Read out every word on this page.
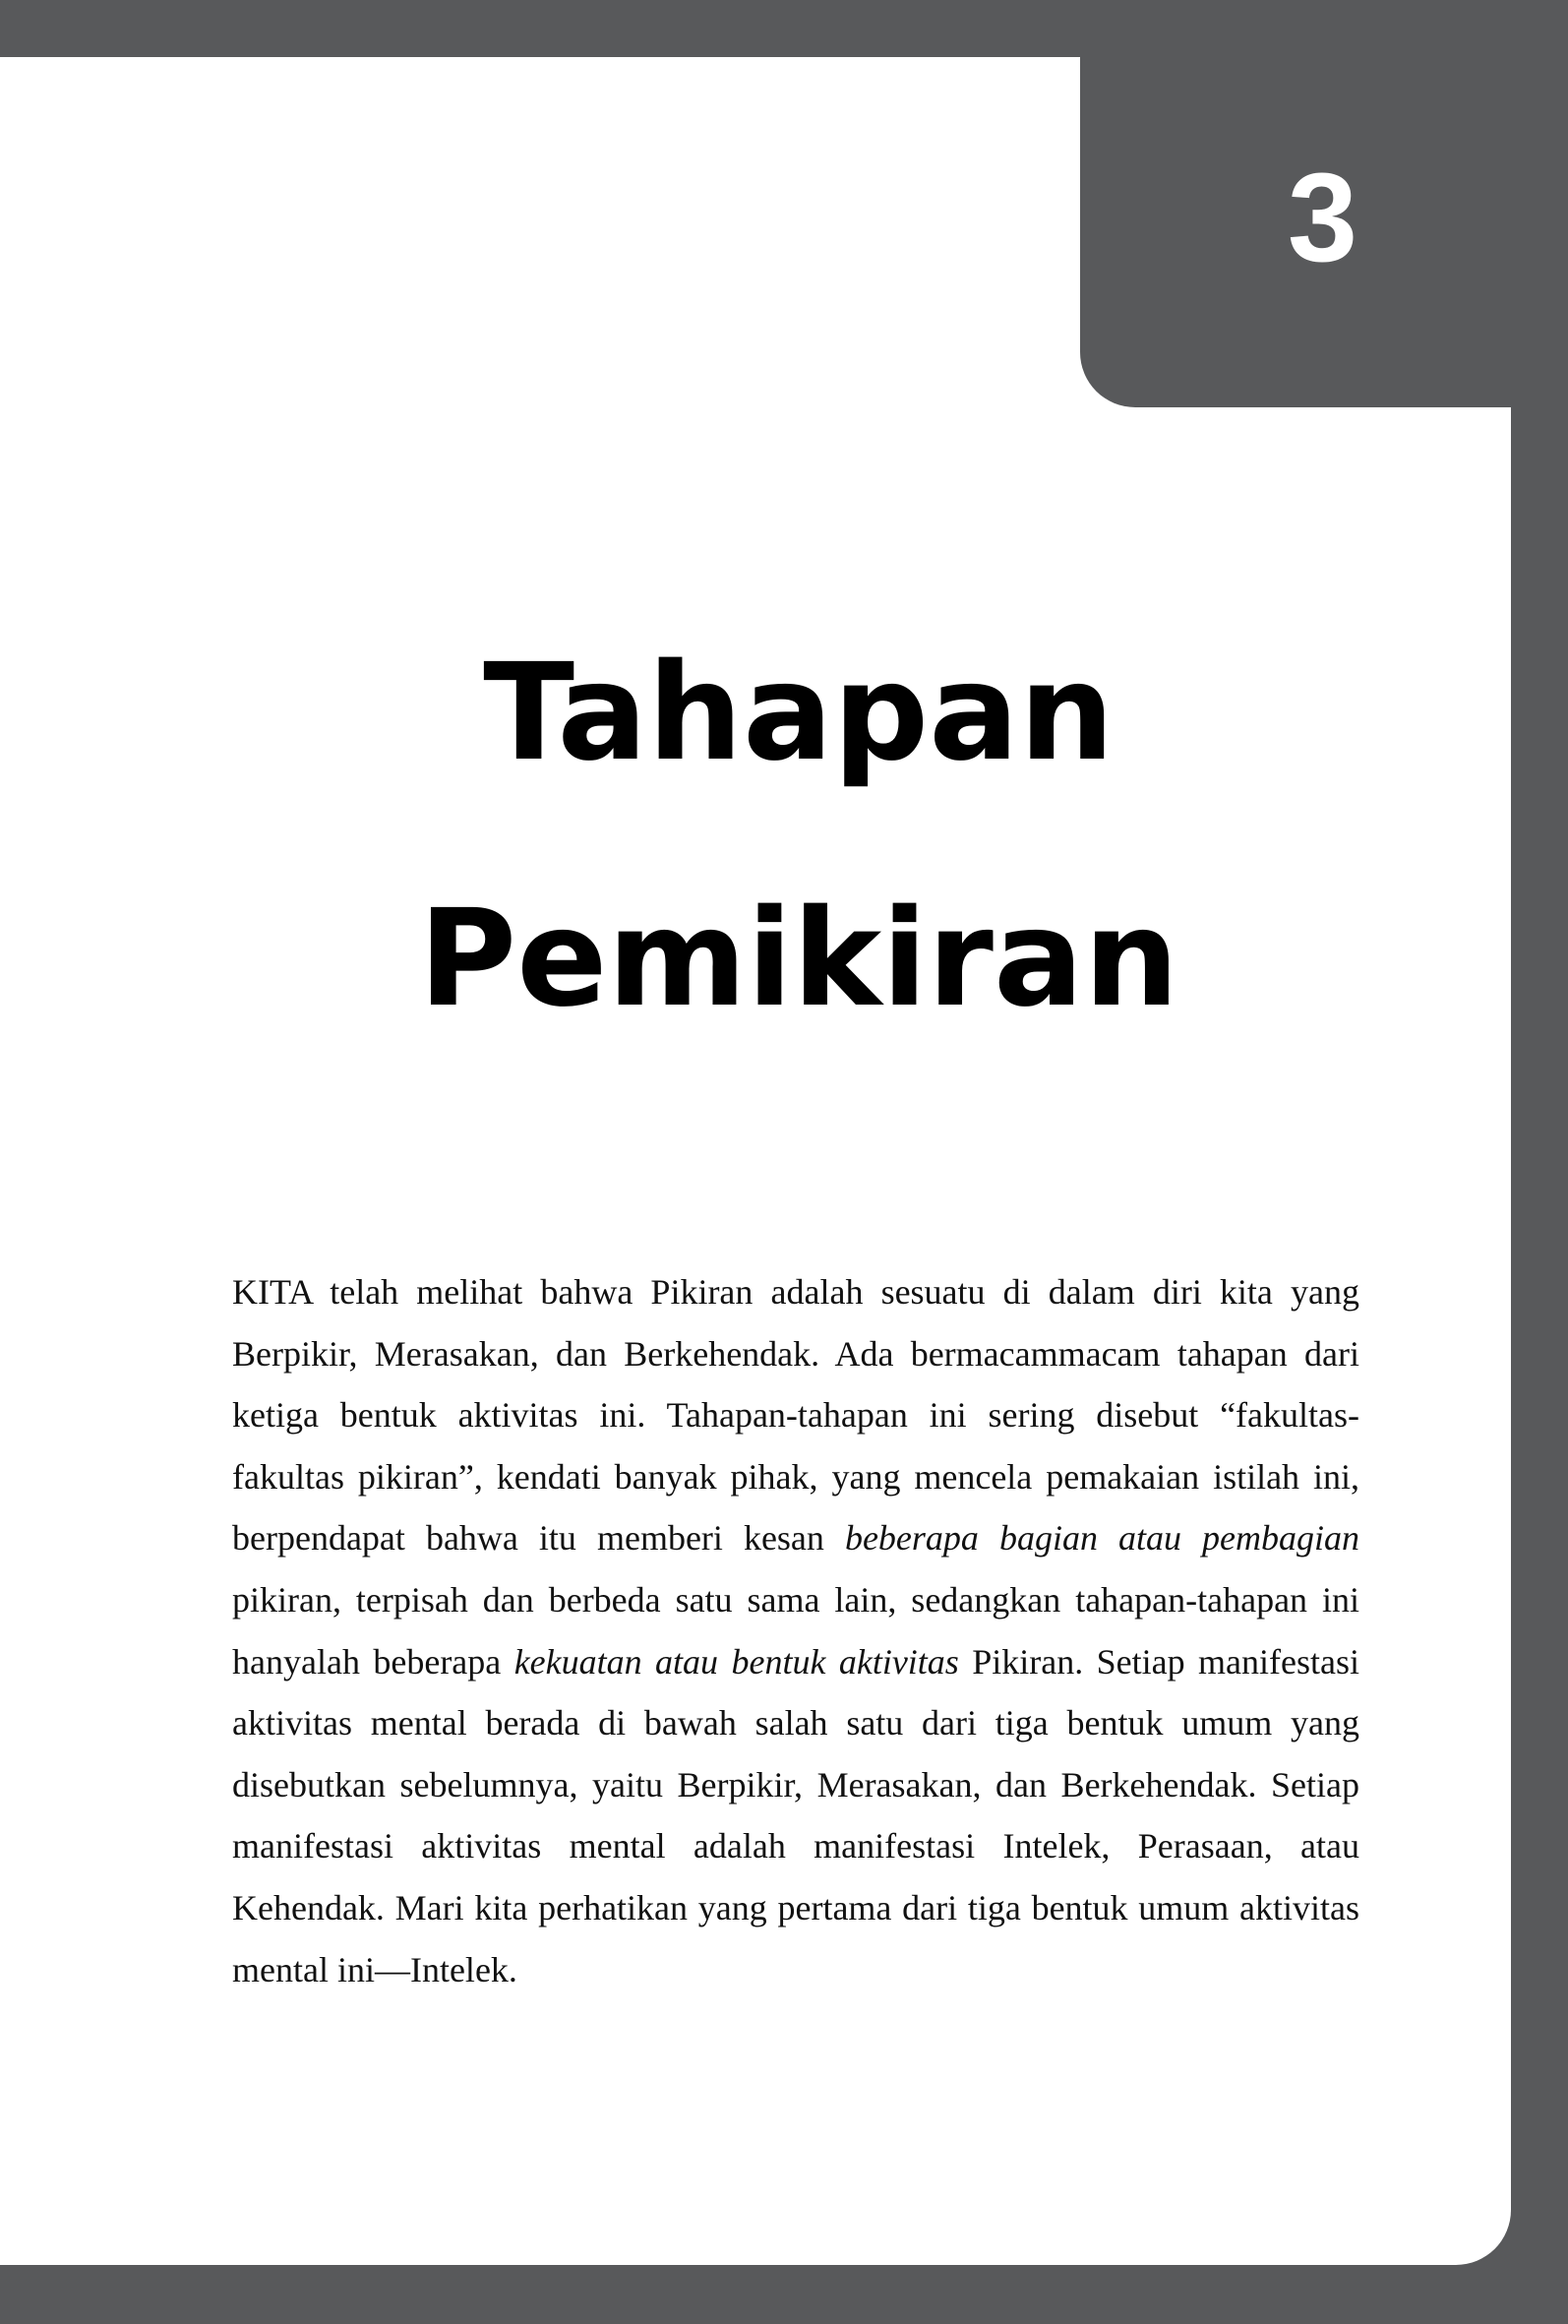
3
Tahapan
Pemikiran

KITA telah melihat bahwa Pikiran adalah sesuatu di dalam diri kita yang Berpikir, Merasakan, dan Berkehendak. Ada bermacammacam tahapan dari ketiga bentuk aktivitas ini. Tahapan-tahapan ini sering disebut “fakultas-fakultas pikiran”, kendati banyak pihak, yang mencela pemakaian istilah ini, berpendapat bahwa itu memberi kesan beberapa bagian atau pembagian pikiran, terpisah dan berbeda satu sama lain, sedangkan tahapan-tahapan ini hanyalah beberapa kekuatan atau bentuk aktivitas Pikiran. Setiap manifestasi aktivitas mental berada di bawah salah satu dari tiga bentuk umum yang disebutkan sebelumnya, yaitu Berpikir, Merasakan, dan Berkehendak. Setiap manifestasi aktivitas mental adalah manifestasi Intelek, Perasaan, atau Kehendak. Mari kita perhatikan yang pertama dari tiga bentuk umum aktivitas mental ini—Intelek.
